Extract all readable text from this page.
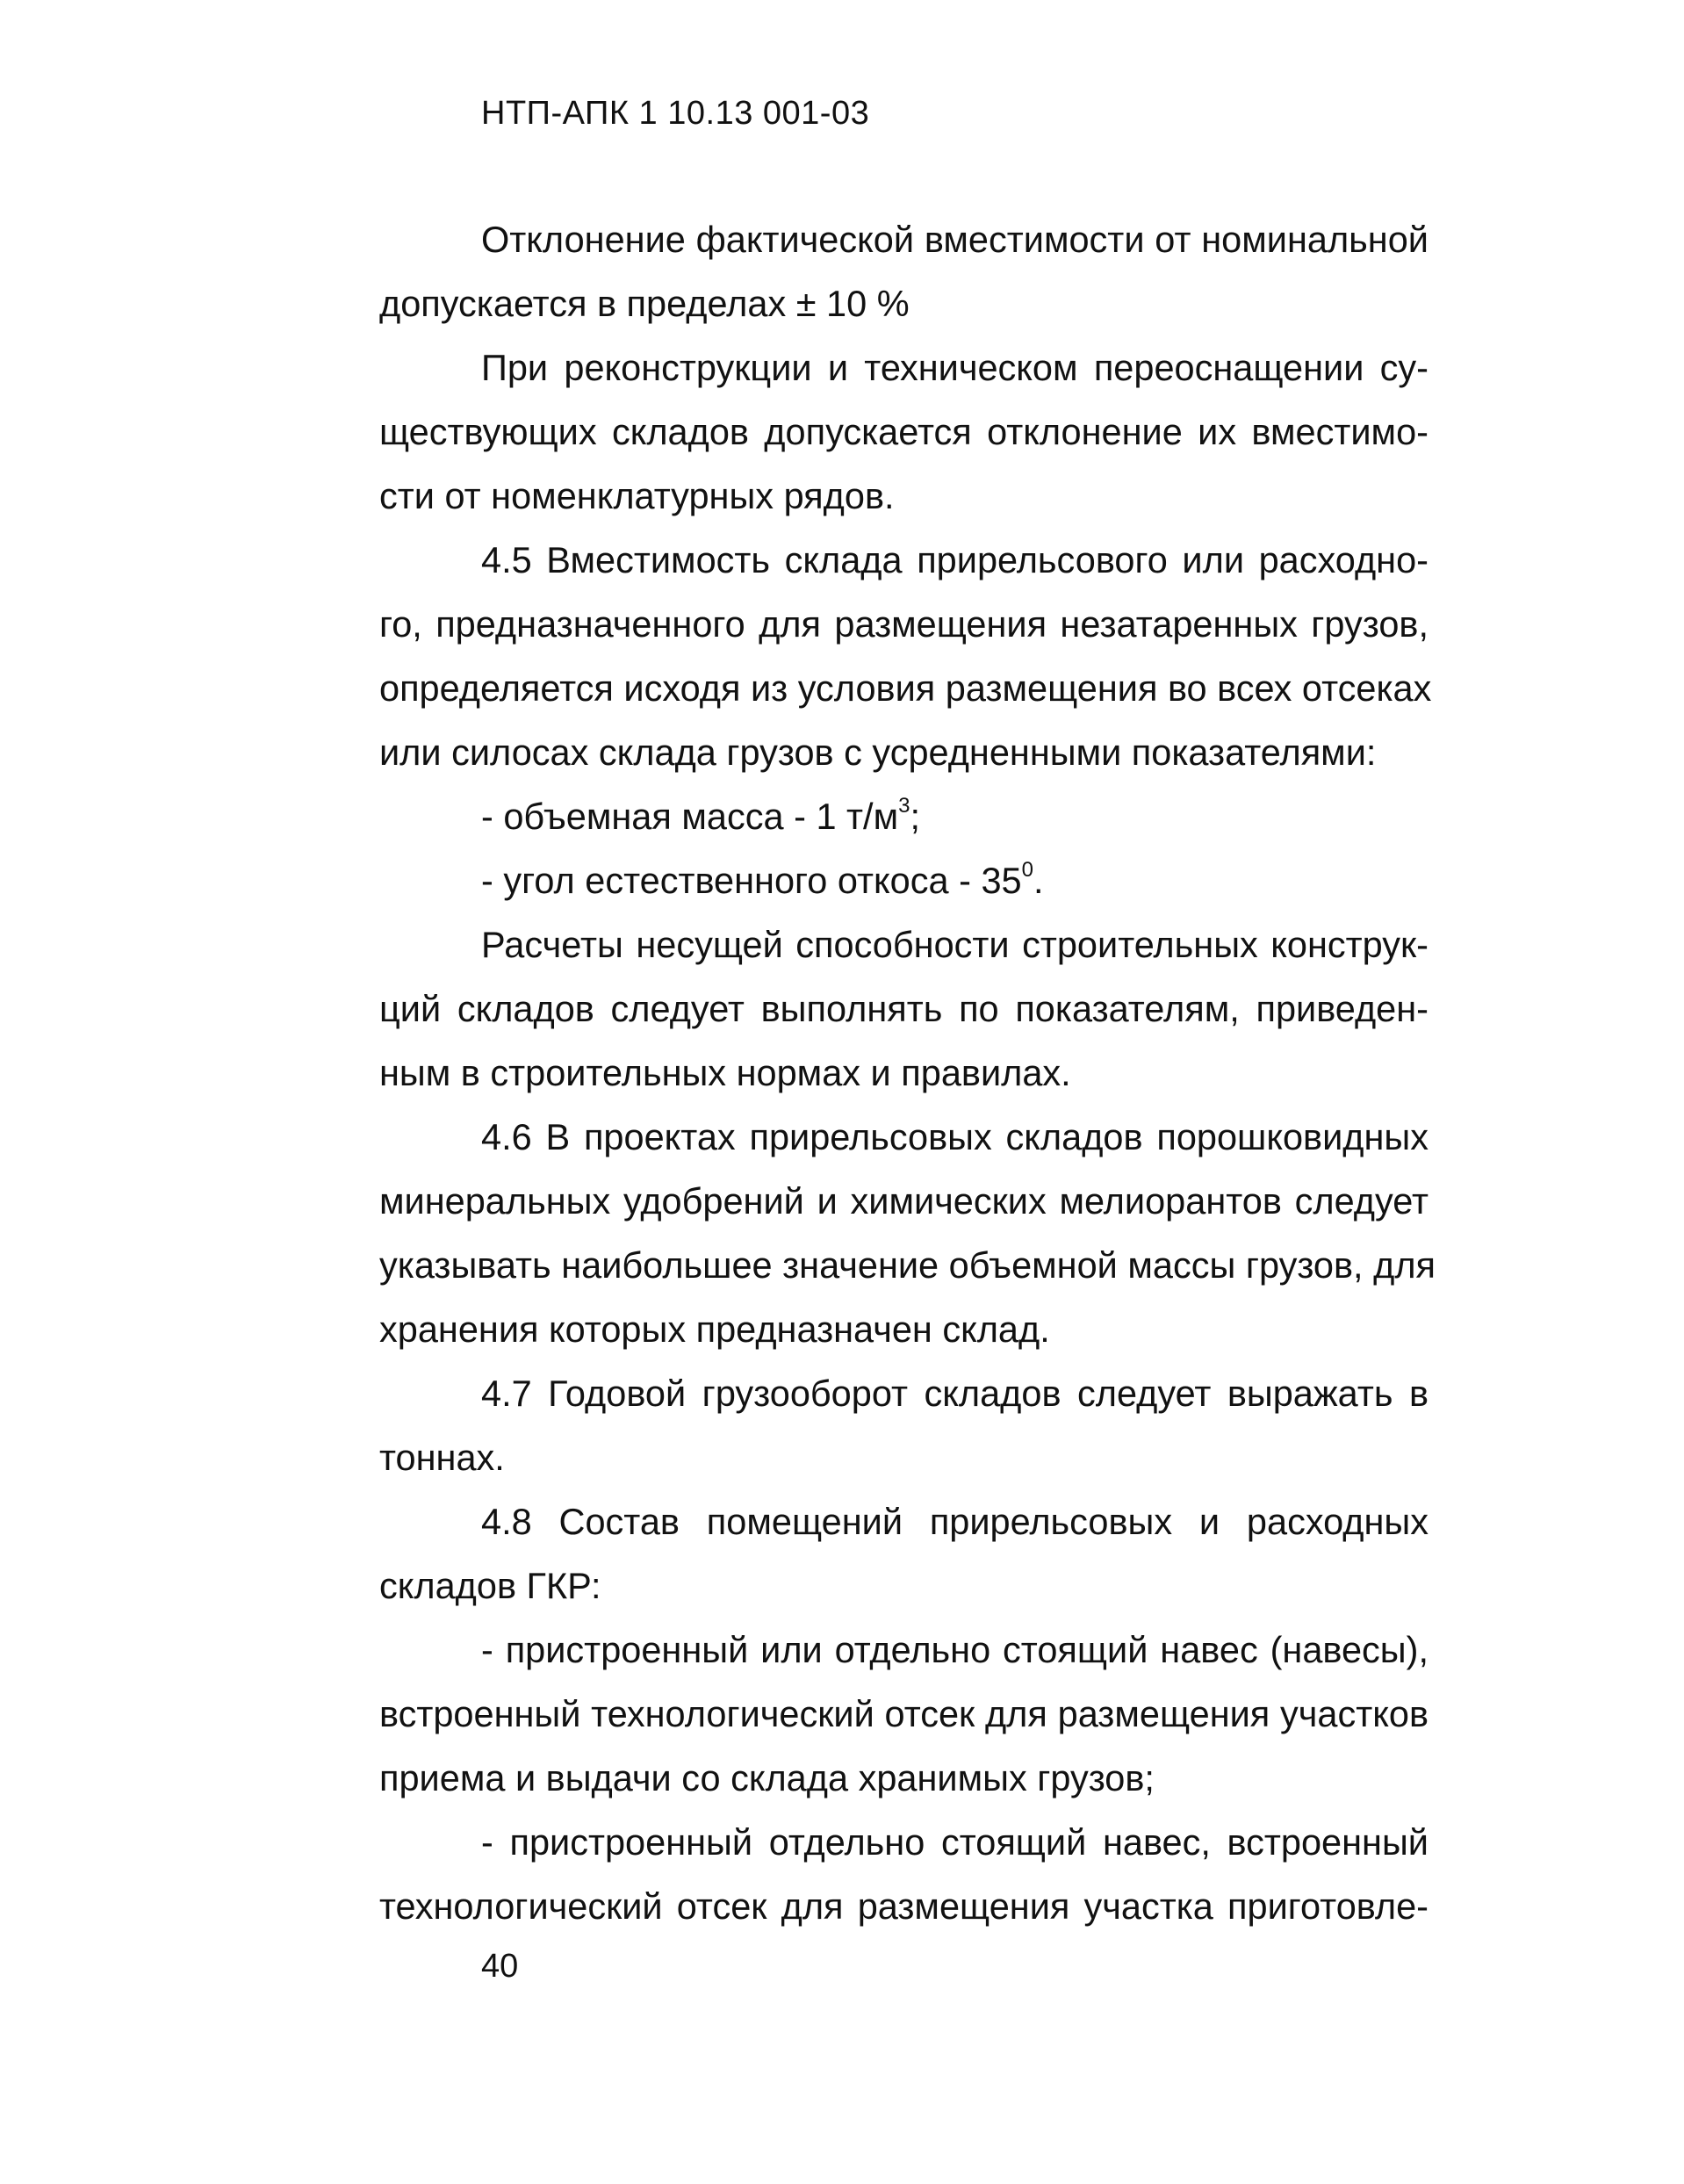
НТП-АПК 1 10.13 001-03
Отклонение фактической вместимости от номинальной
допускается в пределах ± 10 %
При реконструкции и техническом переоснащении су-
ществующих складов допускается отклонение их вместимо-
сти от номенклатурных рядов.
4.5 Вместимость склада прирельсового или расходно-
го, предназначенного для размещения незатаренных грузов,
определяется исходя из условия размещения во всех отсеках
или силосах склада грузов с усредненными показателями:
- объемная масса - 1 $т/м^3$;
- угол естественного откоса - $35^0$.
Расчеты несущей способности строительных конструк-
ций складов следует выполнять по показателям, приведен-
ным в строительных нормах и правилах.
4.6 В проектах прирельсовых складов порошковидных
минеральных удобрений и химических мелиорантов следует
указывать наибольшее значение объемной массы грузов, для
хранения которых предназначен склад.
4.7 Годовой грузооборот складов следует выражать в
тоннах.
4.8 Состав помещений прирельсовых и расходных
складов ГКР:
- пристроенный или отдельно стоящий навес (навесы),
встроенный технологический отсек для размещения участков
приема и выдачи со склада хранимых грузов;
- пристроенный отдельно стоящий навес, встроенный
технологический отсек для размещения участка приготовле-
40
